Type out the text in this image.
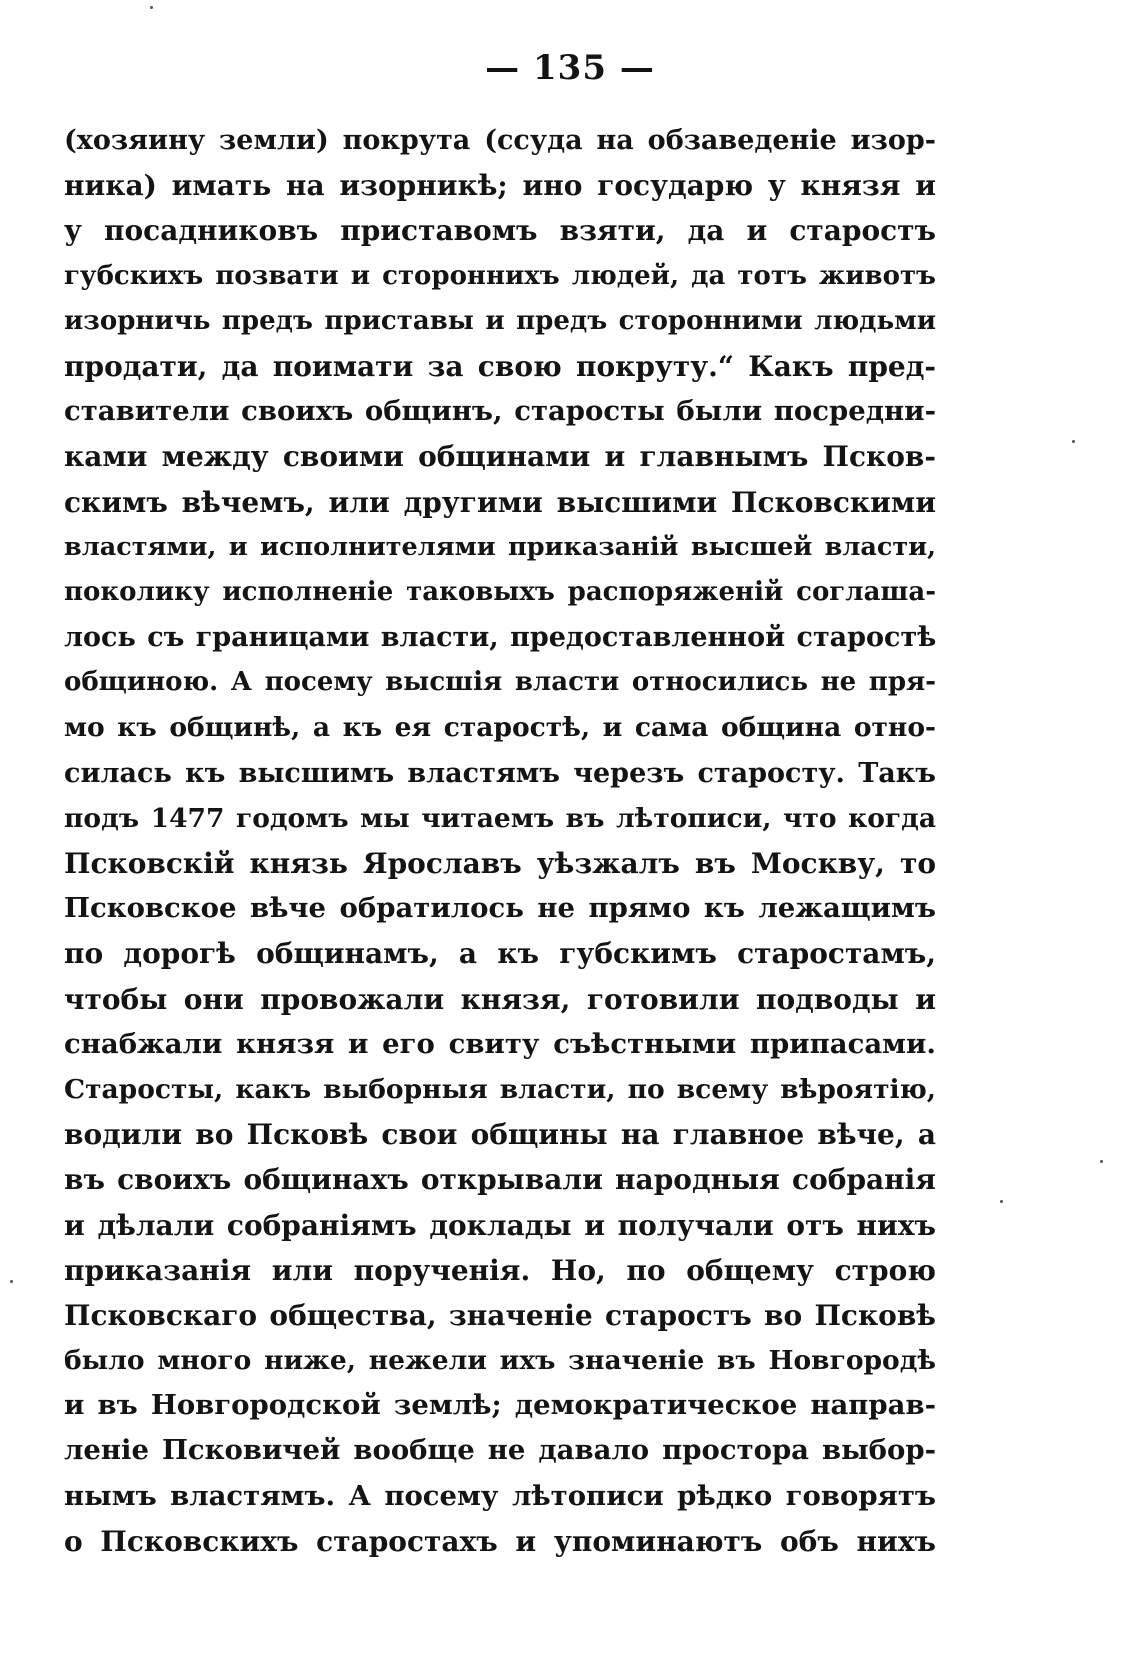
— 135 —
(хозяину земли) покрута (ссуда на обзаведеніе изор-
ника) имать на изорникѣ; ино государю у князя и
у посадниковъ приставомъ взяти, да и старостъ
губскихъ позвати и стороннихъ людей, да тотъ животъ
изорничь предъ приставы и предъ сторонними людьми
продати, да поимати за свою покруту.“ Какъ пред-
ставители своихъ общинъ, старосты были посредни-
ками между своими общинами и главнымъ Псков-
скимъ вѣчемъ, или другими высшими Псковскими
властями, и исполнителями приказаній высшей власти,
поколику исполненіе таковыхъ распоряженій соглаша-
лось съ границами власти, предоставленной старостѣ
общиною. А посему высшія власти относились не пря-
мо къ общинѣ, а къ ея старостѣ, и сама община отно-
силась къ высшимъ властямъ черезъ старосту. Такъ
подъ 1477 годомъ мы читаемъ въ лѣтописи, что когда
Псковскій князь Ярославъ уѣзжалъ въ Москву, то
Псковское вѣче обратилось не прямо къ лежащимъ
по дорогѣ общинамъ, а къ губскимъ старостамъ,
чтобы они провожали князя, готовили подводы и
снабжали князя и его свиту съѣстными припасами.
Старосты, какъ выборныя власти, по всему вѣроятію,
водили во Псковѣ свои общины на главное вѣче, а
въ своихъ общинахъ открывали народныя собранія
и дѣлали собраніямъ доклады и получали отъ нихъ
приказанія или порученія. Но, по общему строю
Псковскаго общества, значеніе старостъ во Псковѣ
было много ниже, нежели ихъ значеніе въ Новгородѣ
и въ Новгородской землѣ; демократическое направ-
леніе Псковичей вообще не давало простора выбор-
нымъ властямъ. А посему лѣтописи рѣдко говорятъ
о Псковскихъ старостахъ и упоминаютъ объ нихъ
